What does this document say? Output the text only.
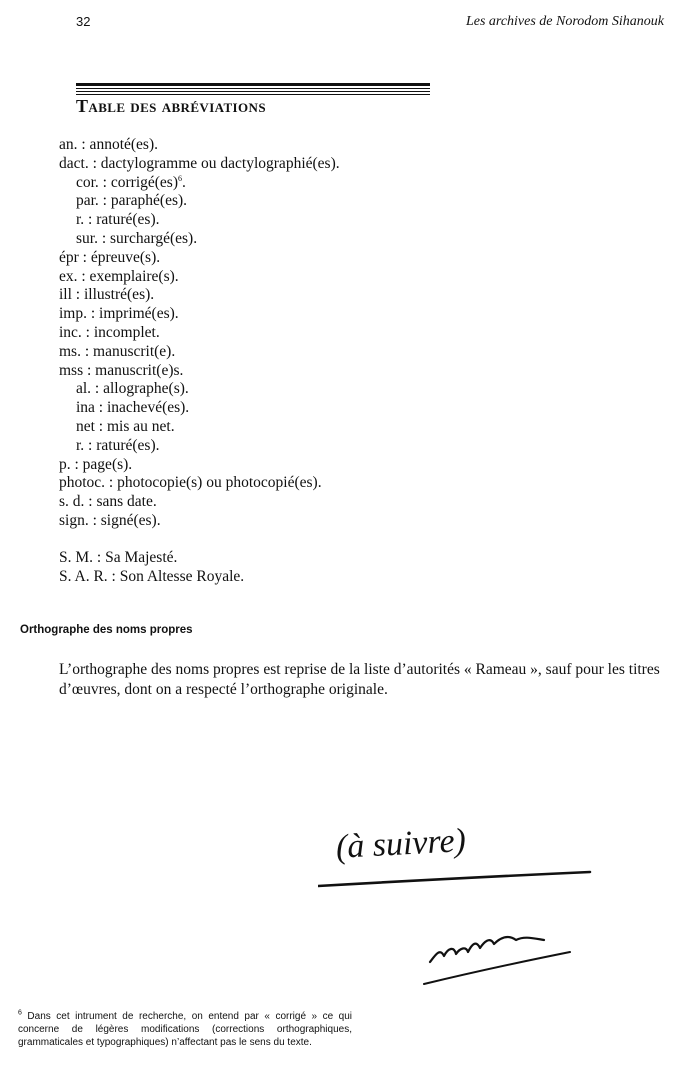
32	Les archives de Norodom Sihanouk
Table des abréviations
an. : annoté(es).
dact. : dactylogramme ou dactylographié(es).
cor. : corrigé(es)$^6$.
par. : paraphé(es).
r. : raturé(es).
sur. : surchargé(es).
épr : épreuve(s).
ex. : exemplaire(s).
ill : illustré(es).
imp. : imprimé(es).
inc. : incomplet.
ms. : manuscrit(e).
mss : manuscrit(e)s.
al. : allographe(s).
ina : inachevé(es).
net : mis au net.
r. : raturé(es).
p. : page(s).
photoc. : photocopie(s) ou photocopié(es).
s. d. : sans date.
sign. : signé(es).
S. M. : Sa Majesté.
S. A. R. : Son Altesse Royale.
Orthographe des noms propres

L’orthographe des noms propres est reprise de la liste d’autorités « Rameau », sauf pour les titres d’œuvres, dont on a respecté l’orthographe originale.

(à suivre)

$^6$ Dans cet intrument de recherche, on entend par « corrigé » ce qui concerne de légères modifications (corrections orthographiques, grammaticales et typographiques) n’affectant pas le sens du texte.
